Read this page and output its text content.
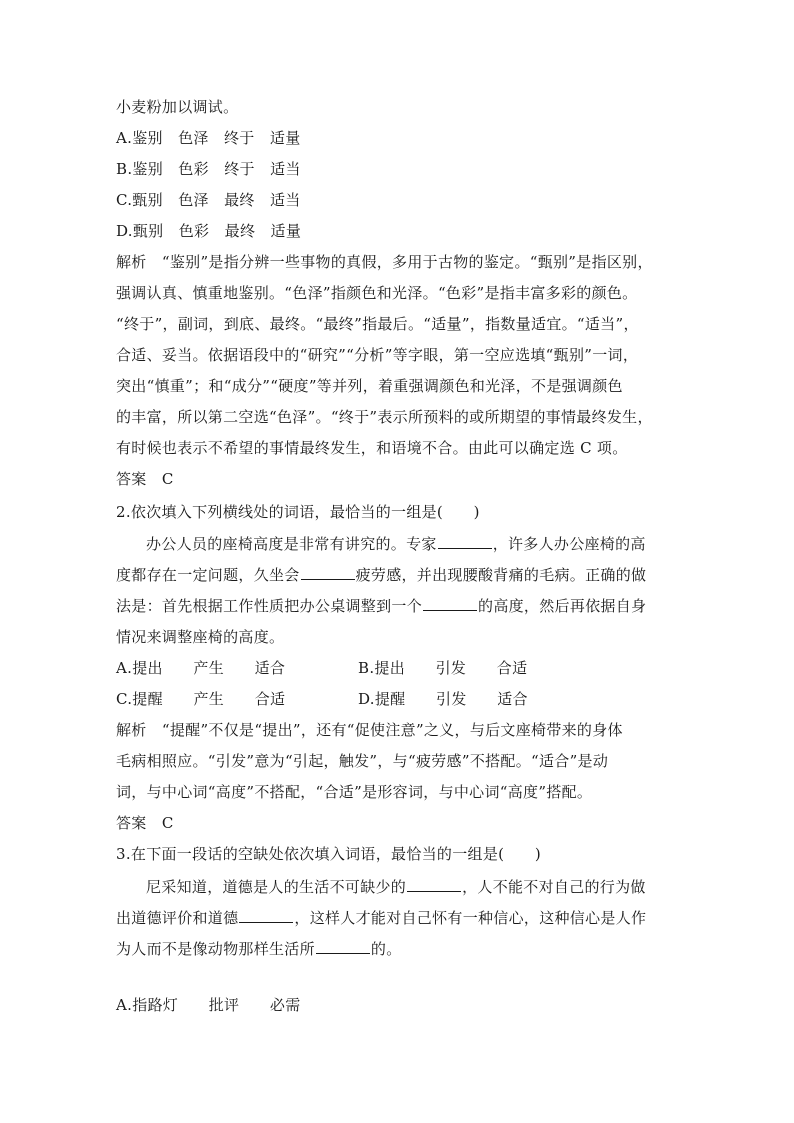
小麦粉加以调试。
A.鉴别　色泽　终于　适量
B.鉴别　色彩　终于　适当
C.甄别　色泽　最终　适当
D.甄别　色彩　最终　适量
解析　“鉴别”是指分辨一些事物的真假，多用于古物的鉴定。“甄别”是指区别，
强调认真、慎重地鉴别。“色泽”指颜色和光泽。“色彩”是指丰富多彩的颜色。
“终于”，副词，到底、最终。“最终”指最后。“适量”，指数量适宜。“适当”，
合适、妥当。依据语段中的“研究”“分析”等字眼，第一空应选填“甄别”一词，
突出“慎重”；和“成分”“硬度”等并列，着重强调颜色和光泽，不是强调颜色
的丰富，所以第二空选“色泽”。“终于”表示所预料的或所期望的事情最终发生，
有时候也表示不希望的事情最终发生，和语境不合。由此可以确定选 C 项。
答案　C
2.依次填入下列横线处的词语，最恰当的一组是(　　)
办公人员的座椅高度是非常有讲究的。专家	，许多人办公座椅的高
度都存在一定问题，久坐会	疲劳感，并出现腰酸背痛的毛病。正确的做
法是：首先根据工作性质把办公桌调整到一个	的高度，然后再依据自身
情况来调整座椅的高度。
A.提出　　产生　　适合	B.提出　　引发　　合适
C.提醒　　产生　　合适	D.提醒　　引发　　适合
解析　“提醒”不仅是“提出”，还有“促使注意”之义，与后文座椅带来的身体
毛病相照应。“引发”意为“引起，触发”，与“疲劳感”不搭配。“适合”是动
词，与中心词“高度”不搭配，“合适”是形容词，与中心词“高度”搭配。
答案　C
3.在下面一段话的空缺处依次填入词语，最恰当的一组是(　　)
尼采知道，道德是人的生活不可缺少的	，人不能不对自己的行为做
出道德评价和道德	，这样人才能对自己怀有一种信心，这种信心是人作
为人而不是像动物那样生活所	的。
A.指路灯　　批评　　必需
